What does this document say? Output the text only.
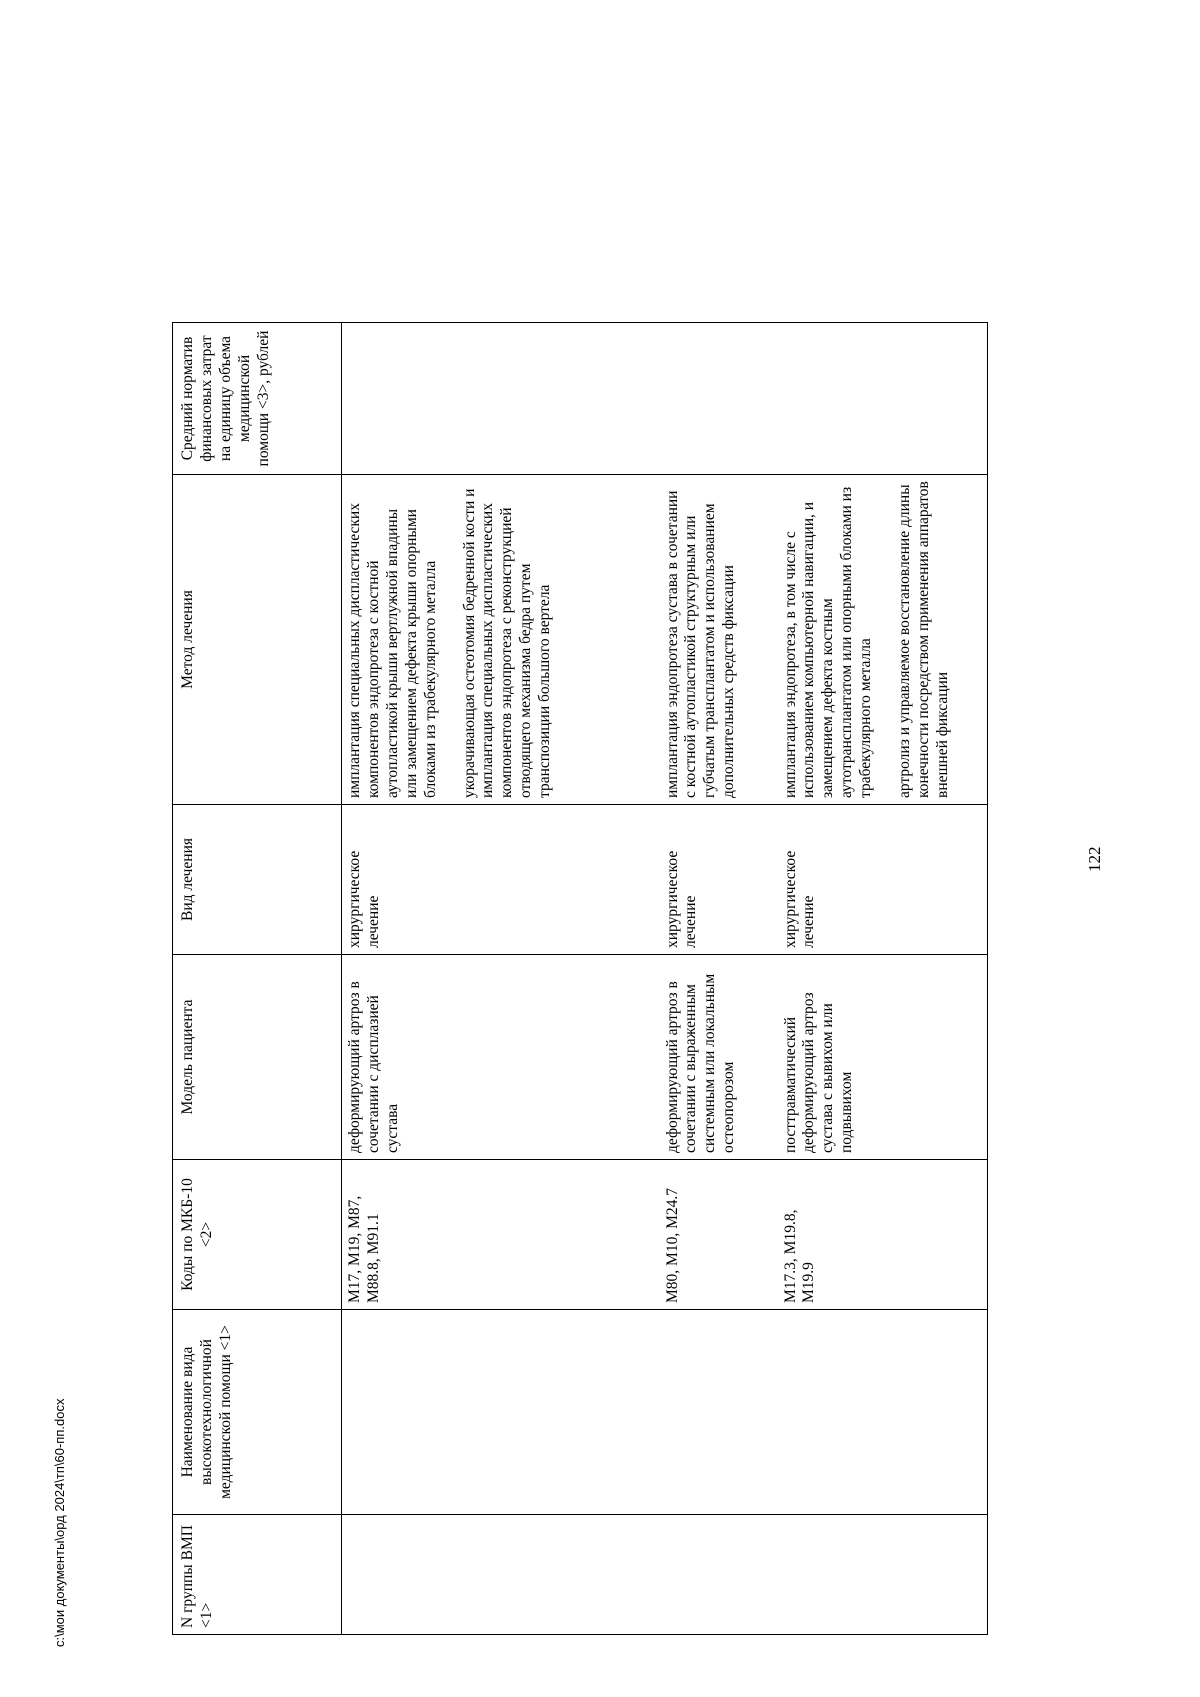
122
N группы ВМП <1>	Наименование вида высокотехнологичной медицинской помощи <1>	Коды по МКБ-10 <2>	Модель пациента	Вид лечения	Метод лечения	Средний норматив финансовых затрат на единицу объема медицинской помощи <3>, рублей
		M17, M19, M87, M88.8, M91.1	деформирующий артроз в сочетании с дисплазией сустава	хирургическое лечение	имплантация специальных диспластических компонентов эндопротеза с костной аутопластикой крыши вертлужной впадины или замещением дефекта крыши опорными блоками из трабекулярного металла укорачивающая остеотомия бедренной кости и имплантация специальных диспластических компонентов эндопротеза с реконструкцией отводящего механизма бедра путем транспозиции большого вертела	
		M80, M10, M24.7	деформирующий артроз в сочетании с выраженным системным или локальным остеопорозом	хирургическое лечение	имплантация эндопротеза сустава в сочетании с костной аутопластикой структурным или губчатым трансплантатом и использованием дополнительных средств фиксации	
		M17.3, M19.8, M19.9	посттравматический деформирующий артроз сустава с вывихом или подвывихом	хирургическое лечение	имплантация эндопротеза, в том числе с использованием компьютерной навигации, и замещением дефекта костным аутотрансплантатом или опорными блоками из трабекулярного металла артролиз и управляемое восстановление длины конечности посредством применения аппаратов внешней фиксации	
c:\мои документы\орд 2024\тп\60-пп.docx
